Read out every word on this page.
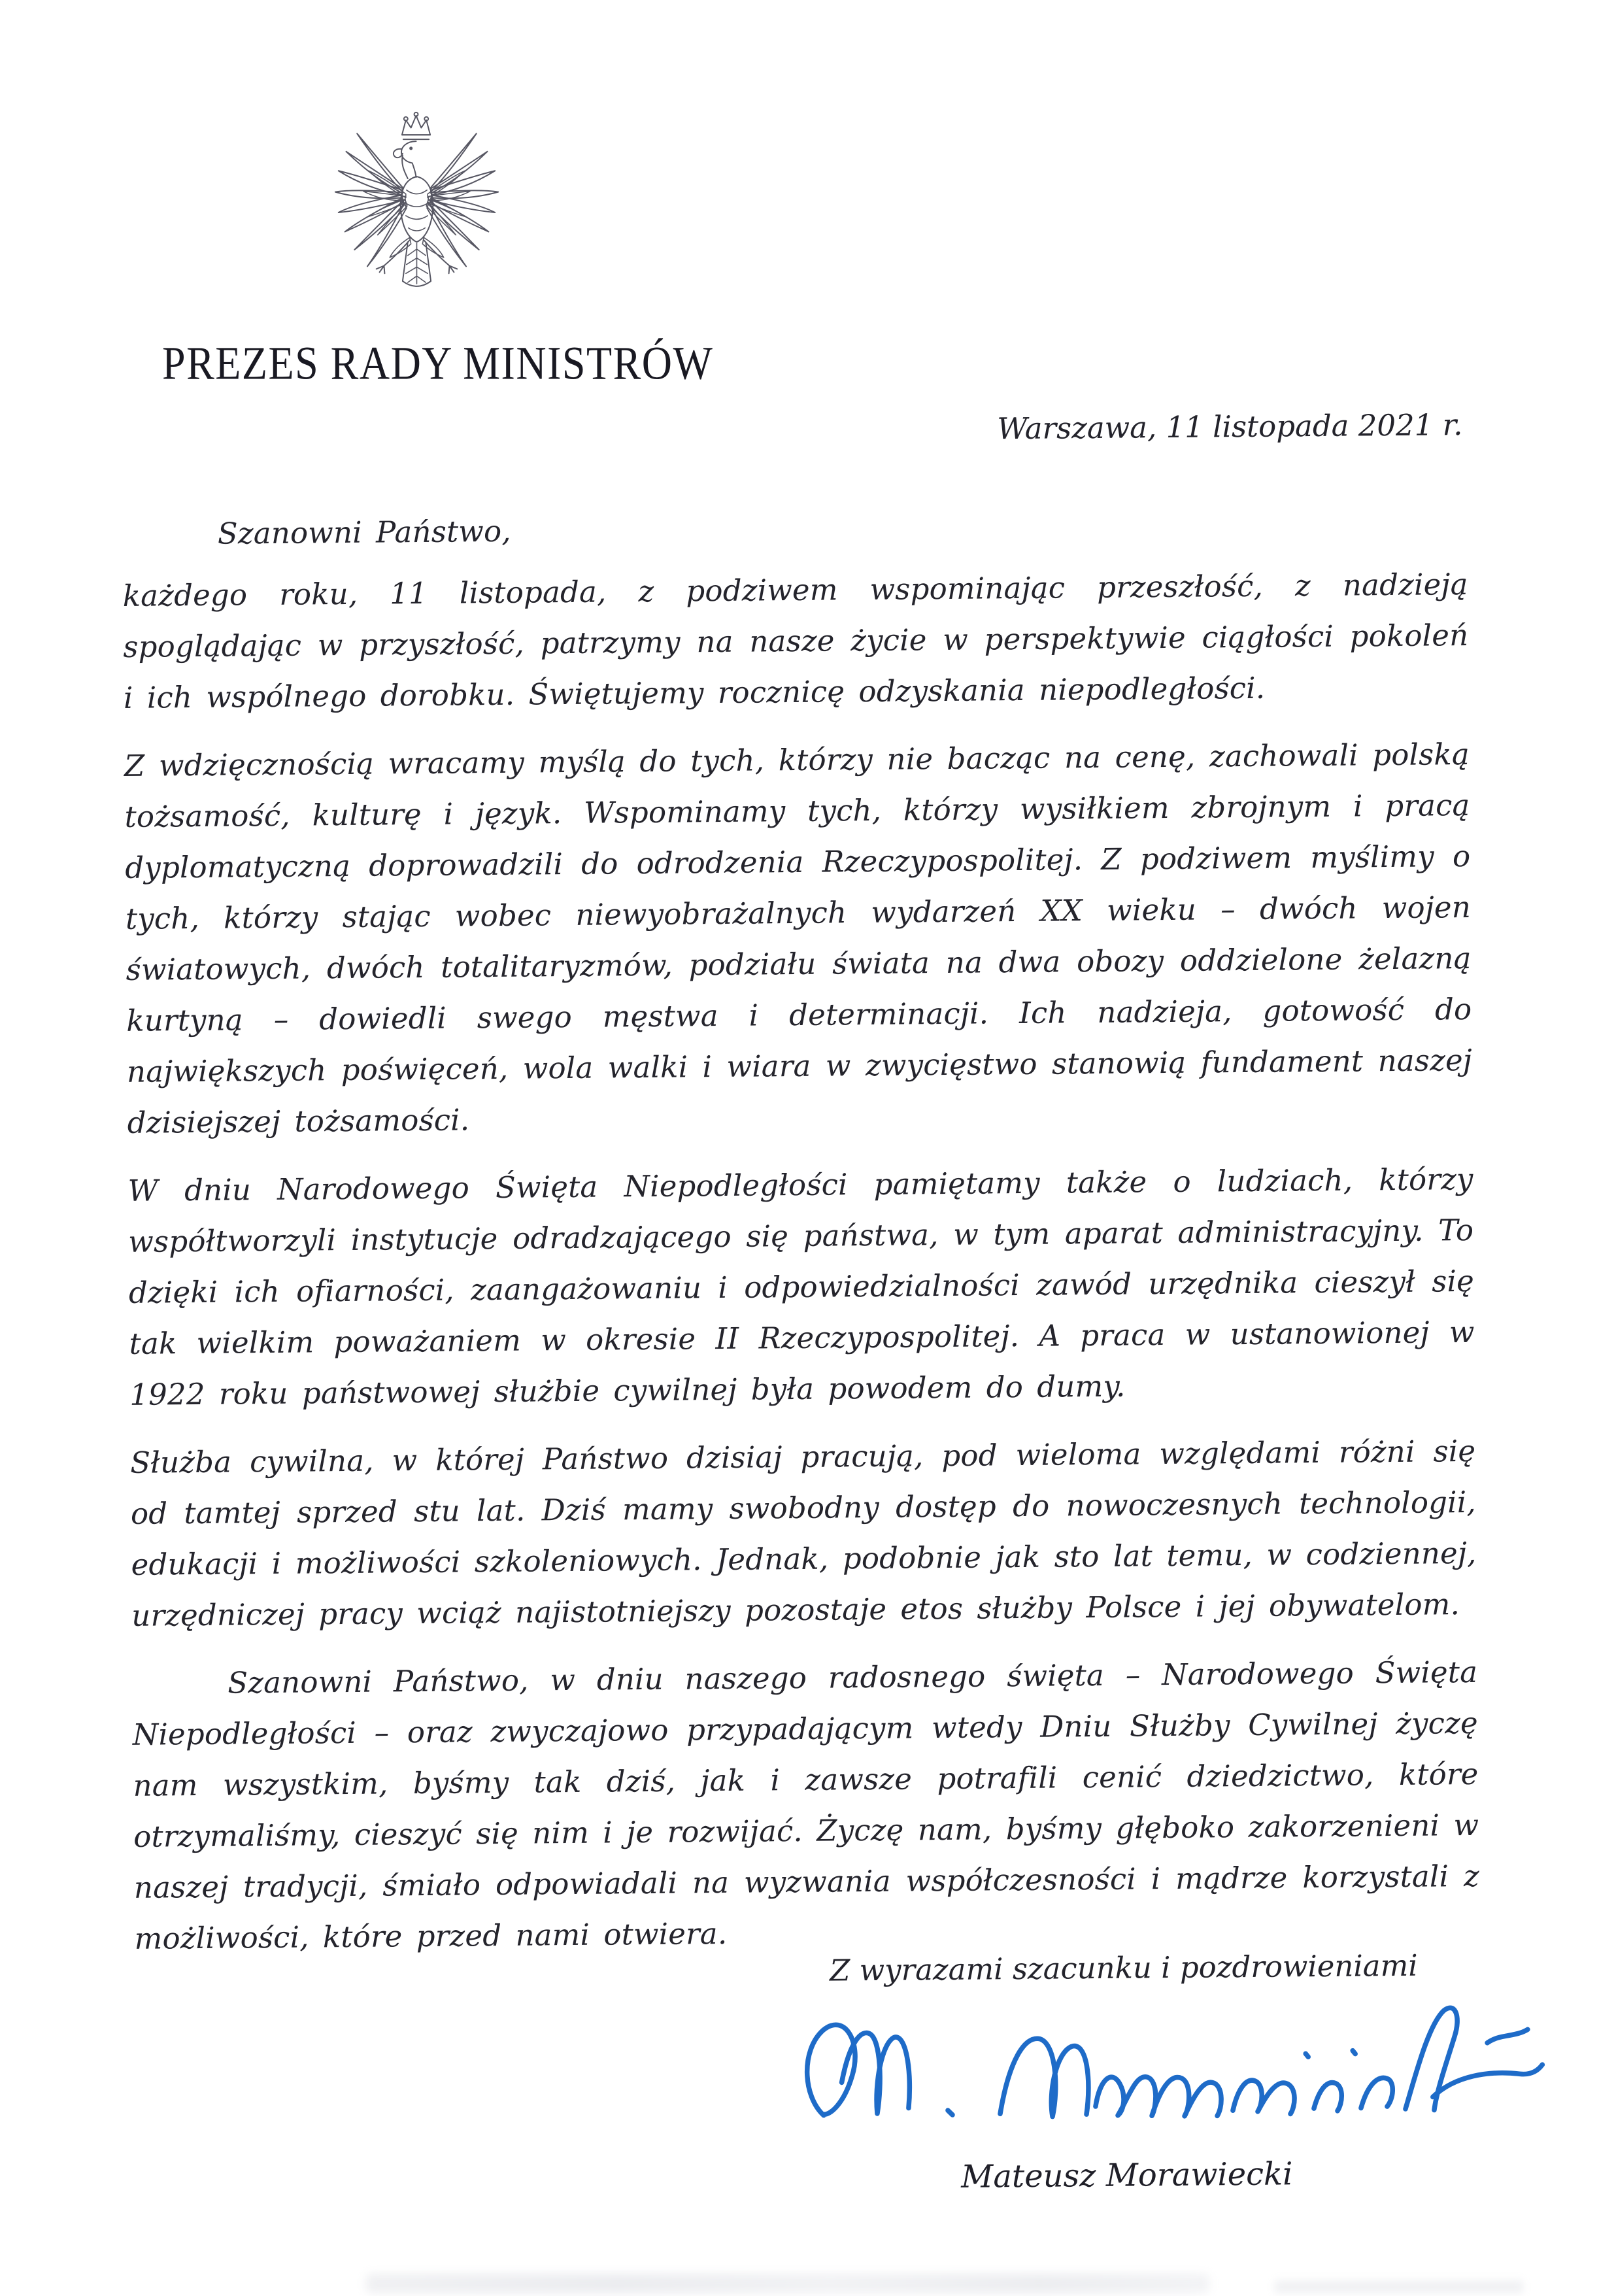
PREZES RADY MINISTRÓW
Warszawa, 11 listopada 2021 r.

Szanowni Państwo,

każdego roku, 11 listopada, z podziwem wspominając przeszłość, z nadzieją spoglądając w przyszłość, patrzymy na nasze życie w perspektywie ciągłości pokoleń i ich wspólnego dorobku. Świętujemy rocznicę odzyskania niepodległości.

Z wdzięcznością wracamy myślą do tych, którzy nie bacząc na cenę, zachowali polską tożsamość, kulturę i język. Wspominamy tych, którzy wysiłkiem zbrojnym i pracą dyplomatyczną doprowadzili do odrodzenia Rzeczypospolitej. Z podziwem myślimy o tych, którzy stając wobec niewyobrażalnych wydarzeń XX wieku – dwóch wojen światowych, dwóch totalitaryzmów, podziału świata na dwa obozy oddzielone żelazną kurtyną – dowiedli swego męstwa i determinacji. Ich nadzieja, gotowość do największych poświęceń, wola walki i wiara w zwycięstwo stanowią fundament naszej dzisiejszej tożsamości.

W dniu Narodowego Święta Niepodległości pamiętamy także o ludziach, którzy współtworzyli instytucje odradzającego się państwa, w tym aparat administracyjny. To dzięki ich ofiarności, zaangażowaniu i odpowiedzialności zawód urzędnika cieszył się tak wielkim poważaniem w okresie II Rzeczypospolitej. A praca w ustanowionej w 1922 roku państwowej służbie cywilnej była powodem do dumy.

Służba cywilna, w której Państwo dzisiaj pracują, pod wieloma względami różni się od tamtej sprzed stu lat. Dziś mamy swobodny dostęp do nowoczesnych technologii, edukacji i możliwości szkoleniowych. Jednak, podobnie jak sto lat temu, w codziennej, urzędniczej pracy wciąż najistotniejszy pozostaje etos służby Polsce i jej obywatelom.

Szanowni Państwo, w dniu naszego radosnego święta – Narodowego Święta Niepodległości – oraz zwyczajowo przypadającym wtedy Dniu Służby Cywilnej życzę nam wszystkim, byśmy tak dziś, jak i zawsze potrafili cenić dziedzictwo, które otrzymaliśmy, cieszyć się nim i je rozwijać. Życzę nam, byśmy głęboko zakorzenieni w naszej tradycji, śmiało odpowiadali na wyzwania współczesności i mądrze korzystali z możliwości, które przed nami otwiera.

Z wyrazami szacunku i pozdrowieniami
Mateusz Morawiecki
